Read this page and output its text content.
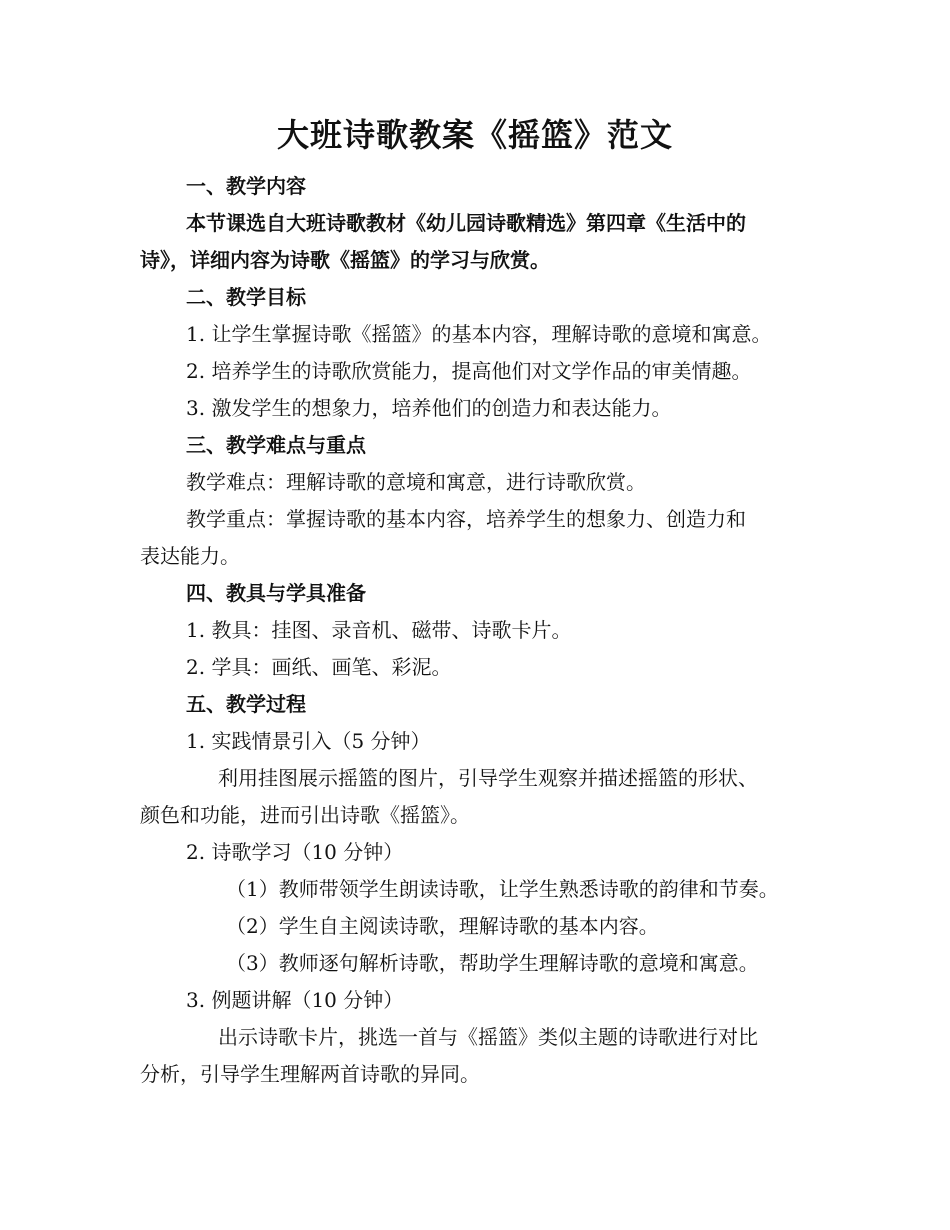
大班诗歌教案《摇篮》范文
一、教学内容
本节课选自大班诗歌教材《幼儿园诗歌精选》第四章《生活中的
诗》，详细内容为诗歌《摇篮》的学习与欣赏。
二、教学目标
1. 让学生掌握诗歌《摇篮》的基本内容，理解诗歌的意境和寓意。
2. 培养学生的诗歌欣赏能力，提高他们对文学作品的审美情趣。
3. 激发学生的想象力，培养他们的创造力和表达能力。
三、教学难点与重点
教学难点：理解诗歌的意境和寓意，进行诗歌欣赏。
教学重点：掌握诗歌的基本内容，培养学生的想象力、创造力和
表达能力。
四、教具与学具准备
1. 教具：挂图、录音机、磁带、诗歌卡片。
2. 学具：画纸、画笔、彩泥。
五、教学过程
1. 实践情景引入（5 分钟）
利用挂图展示摇篮的图片，引导学生观察并描述摇篮的形状、
颜色和功能，进而引出诗歌《摇篮》。
2. 诗歌学习（10 分钟）
（1）教师带领学生朗读诗歌，让学生熟悉诗歌的韵律和节奏。
（2）学生自主阅读诗歌，理解诗歌的基本内容。
（3）教师逐句解析诗歌，帮助学生理解诗歌的意境和寓意。
3. 例题讲解（10 分钟）
出示诗歌卡片，挑选一首与《摇篮》类似主题的诗歌进行对比
分析，引导学生理解两首诗歌的异同。
